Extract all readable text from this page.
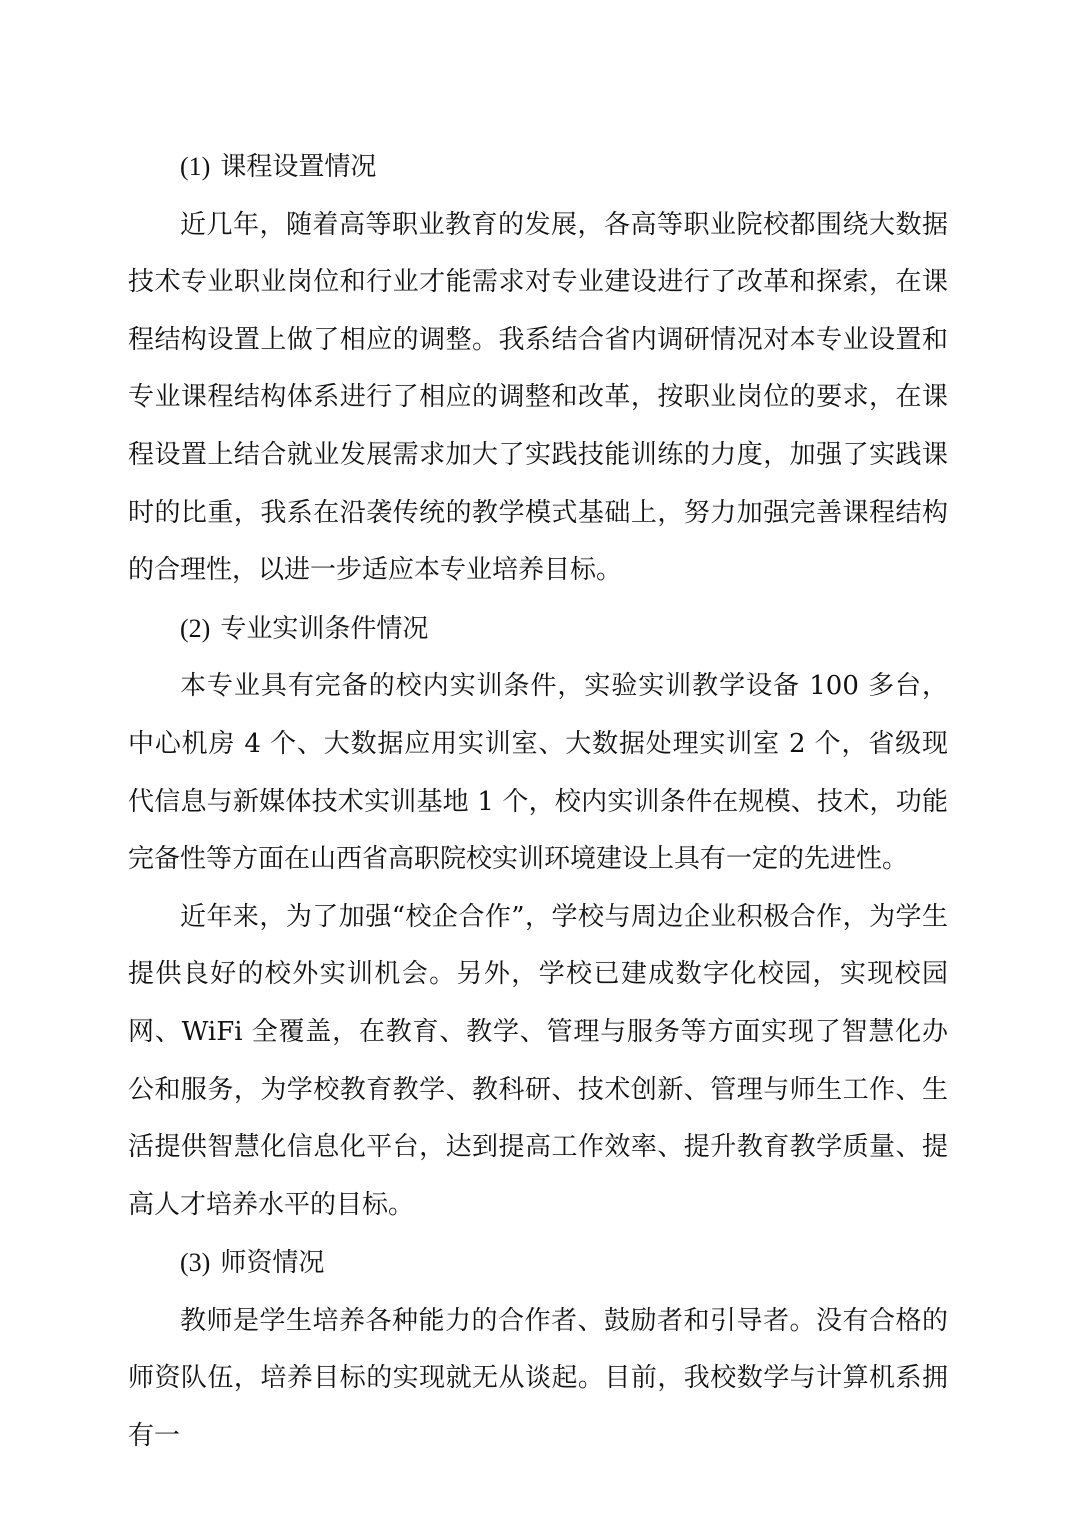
(1) 课程设置情况

近几年，随着高等职业教育的发展，各高等职业院校都围绕大数据技术专业职业岗位和行业才能需求对专业建设进行了改革和探索，在课程结构设置上做了相应的调整。我系结合省内调研情况对本专业设置和专业课程结构体系进行了相应的调整和改革，按职业岗位的要求，在课程设置上结合就业发展需求加大了实践技能训练的力度，加强了实践课时的比重，我系在沿袭传统的教学模式基础上，努力加强完善课程结构的合理性，以进一步适应本专业培养目标。

(2) 专业实训条件情况

本专业具有完备的校内实训条件，实验实训教学设备 100 多台，中心机房 4 个、大数据应用实训室、大数据处理实训室 2 个，省级现代信息与新媒体技术实训基地 1 个，校内实训条件在规模、技术，功能完备性等方面在山西省高职院校实训环境建设上具有一定的先进性。

近年来，为了加强“校企合作”，学校与周边企业积极合作，为学生提供良好的校外实训机会。另外，学校已建成数字化校园，实现校园网、WiFi 全覆盖，在教育、教学、管理与服务等方面实现了智慧化办公和服务，为学校教育教学、教科研、技术创新、管理与师生工作、生活提供智慧化信息化平台，达到提高工作效率、提升教育教学质量、提高人才培养水平的目标。

(3) 师资情况

教师是学生培养各种能力的合作者、鼓励者和引导者。没有合格的师资队伍，培养目标的实现就无从谈起。目前，我校数学与计算机系拥有一
